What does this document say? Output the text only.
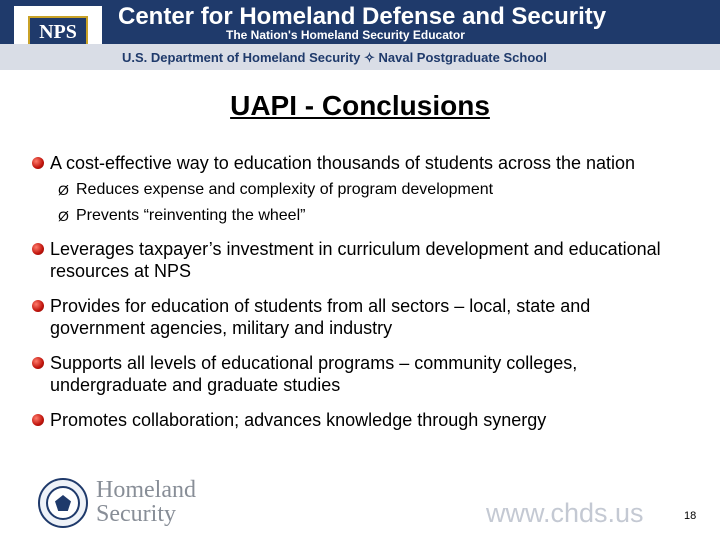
NPS
Center for Homeland Defense and Security
The Nation's Homeland Security Educator
U.S. Department of Homeland Security ✧ Naval Postgraduate School
UAPI - Conclusions
A cost-effective way to education thousands of students across the nation
Ø Reduces expense and complexity of program development
Ø Prevents “reinventing the wheel”
Leverages taxpayer’s investment in curriculum development and educational resources at NPS
Provides for education of students from all sectors – local, state and government agencies, military and industry
Supports all levels of educational programs – community colleges, undergraduate and graduate studies
Promotes collaboration; advances knowledge through synergy
Homeland
Security	www.chds.us	18
